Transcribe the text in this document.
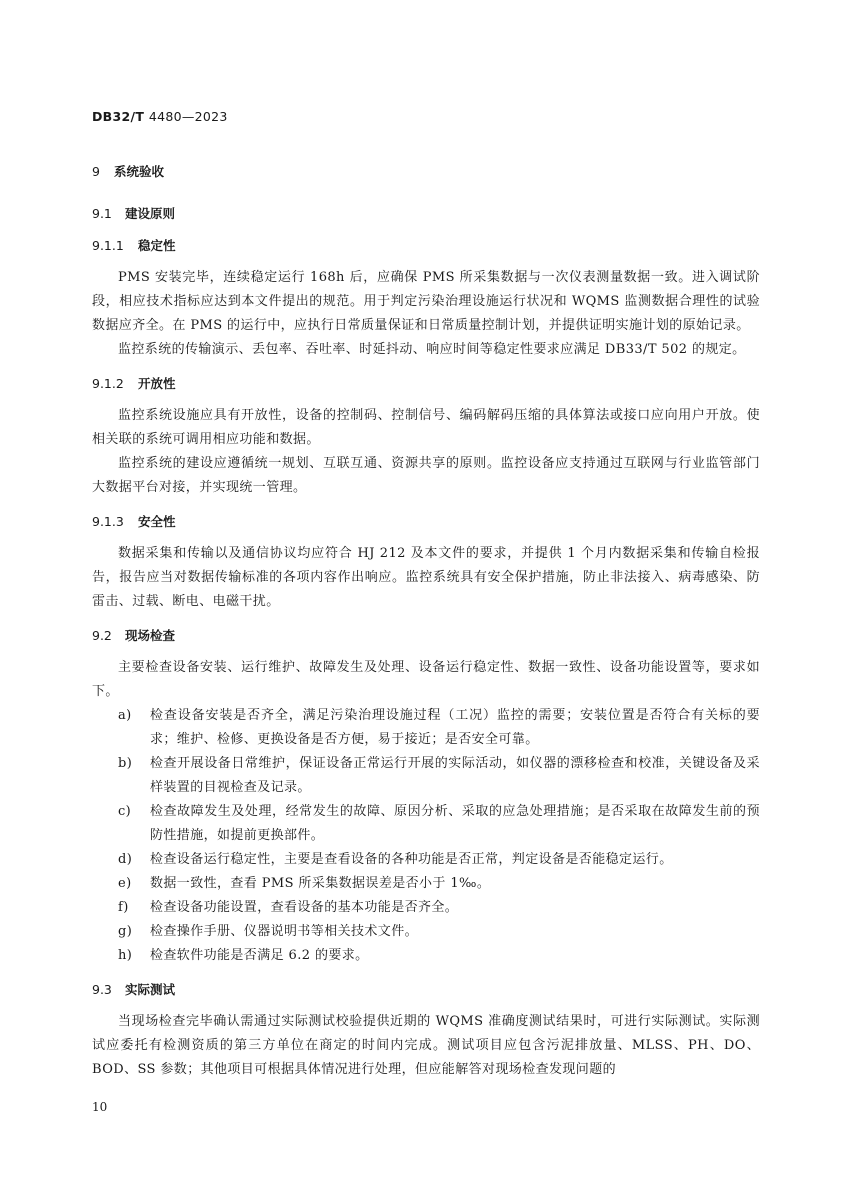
DB32/T 4480—2023
9	系统验收
9.1	建设原则
9.1.1	稳定性

PMS 安装完毕，连续稳定运行 168h 后，应确保 PMS 所采集数据与一次仪表测量数据一致。进入调试阶段，相应技术指标应达到本文件提出的规范。用于判定污染治理设施运行状况和 WQMS 监测数据合理性的试验数据应齐全。在 PMS 的运行中，应执行日常质量保证和日常质量控制计划，并提供证明实施计划的原始记录。

监控系统的传输演示、丢包率、吞吐率、时延抖动、响应时间等稳定性要求应满足 DB33/T 502 的规定。

9.1.2	开放性

监控系统设施应具有开放性，设备的控制码、控制信号、编码解码压缩的具体算法或接口应向用户开放。使相关联的系统可调用相应功能和数据。

监控系统的建设应遵循统一规划、互联互通、资源共享的原则。监控设备应支持通过互联网与行业监管部门大数据平台对接，并实现统一管理。

9.1.3	安全性

数据采集和传输以及通信协议均应符合 HJ 212 及本文件的要求，并提供 1 个月内数据采集和传输自检报告，报告应当对数据传输标准的各项内容作出响应。监控系统具有安全保护措施，防止非法接入、病毒感染、防雷击、过载、断电、电磁干扰。

9.2	现场检查

主要检查设备安装、运行维护、故障发生及处理、设备运行稳定性、数据一致性、设备功能设置等，要求如下。

a)	检查设备安装是否齐全，满足污染治理设施过程（工况）监控的需要；安装位置是否符合有关标的要求；维护、检修、更换设备是否方便，易于接近；是否安全可靠。
b)	检查开展设备日常维护，保证设备正常运行开展的实际活动，如仪器的漂移检查和校准，关键设备及采样装置的目视检查及记录。
c)	检查故障发生及处理，经常发生的故障、原因分析、采取的应急处理措施；是否采取在故障发生前的预防性措施，如提前更换部件。
d)	检查设备运行稳定性，主要是查看设备的各种功能是否正常，判定设备是否能稳定运行。
e)	数据一致性，查看 PMS 所采集数据误差是否小于 1‰。
f)	检查设备功能设置，查看设备的基本功能是否齐全。
g)	检查操作手册、仪器说明书等相关技术文件。
h)	检查软件功能是否满足 6.2 的要求。
9.3	实际测试

当现场检查完毕确认需通过实际测试校验提供近期的 WQMS 准确度测试结果时，可进行实际测试。实际测试应委托有检测资质的第三方单位在商定的时间内完成。测试项目应包含污泥排放量、MLSS、PH、DO、BOD、SS 参数；其他项目可根据具体情况进行处理，但应能解答对现场检查发现问题的

10
